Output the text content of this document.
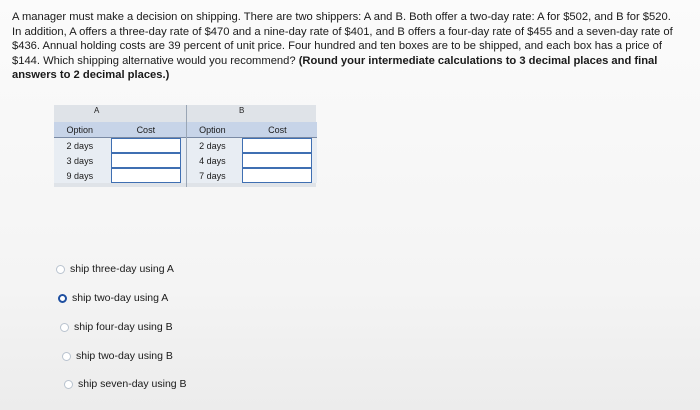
A manager must make a decision on shipping. There are two shippers: A and B. Both offer a two-day rate: A for $502, and B for $520.
In addition, A offers a three-day rate of $470 and a nine-day rate of $401, and B offers a four-day rate of $455 and a seven-day rate of
$436. Annual holding costs are 39 percent of unit price. Four hundred and ten boxes are to be shipped, and each box has a price of
$144. Which shipping alternative would you recommend? (Round your intermediate calculations to 3 decimal places and final
answers to 2 decimal places.)
A
Option	Cost
2 days	

3 days	

9 days	
B
Option	Cost
2 days	

4 days	

7 days	
ship three-day using A
ship two-day using A
ship four-day using B
ship two-day using B
ship seven-day using B
